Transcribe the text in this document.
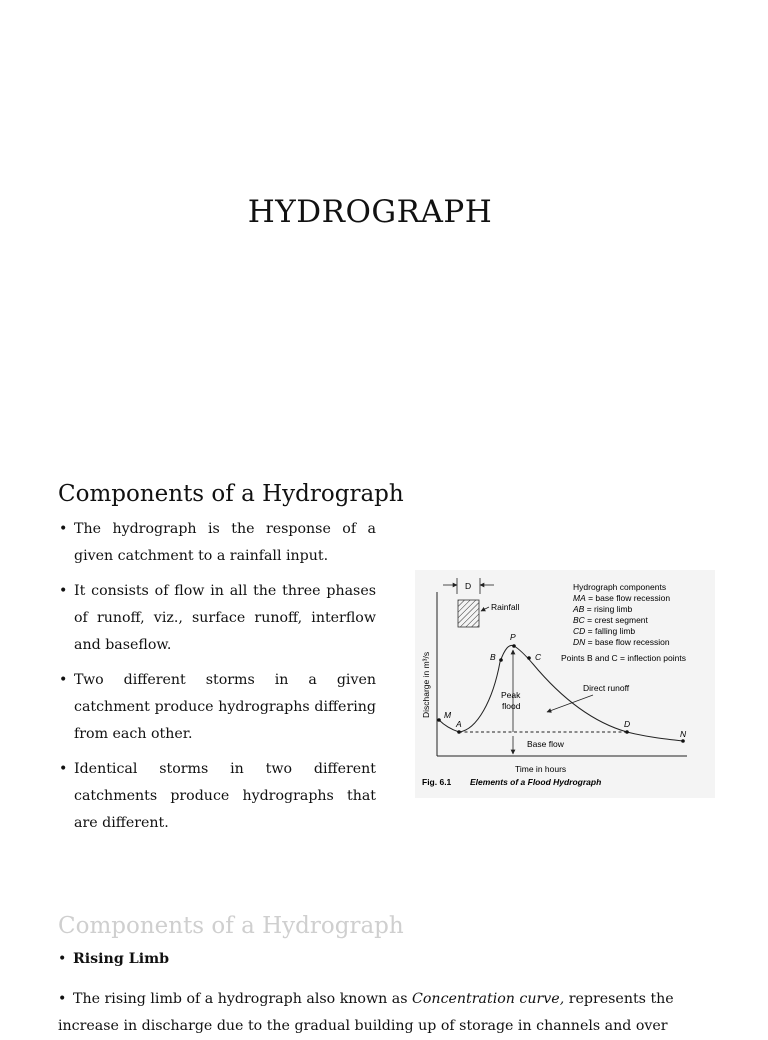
HYDROGRAPH
Components of a Hydrograph
• The hydrograph is the response of a given catchment to a rainfall input.
• It consists of flow in all the three phases of runoff, viz., surface runoff, interflow and baseflow.
• Two different storms in a given catchment produce hydrographs differing from each other.
• Identical storms in two different catchments produce hydrographs that are different.
D
Rainfall
Hydrograph components
MA = base flow recession
AB = rising limb
BC = crest segment
CD = falling limb
DN = base flow recession
Points B and C = inflection points
Discharge in m³/s M
A
B
P
C
D
N
Peak
flood
Direct runoff
Base flow
Time in hours
Fig. 6.1 Elements of a Flood Hydrograph
Components of a Hydrograph
• Rising Limb
• The rising limb of a hydrograph also known as Concentration curve, represents the increase in discharge due to the gradual building up of storage in channels and over
